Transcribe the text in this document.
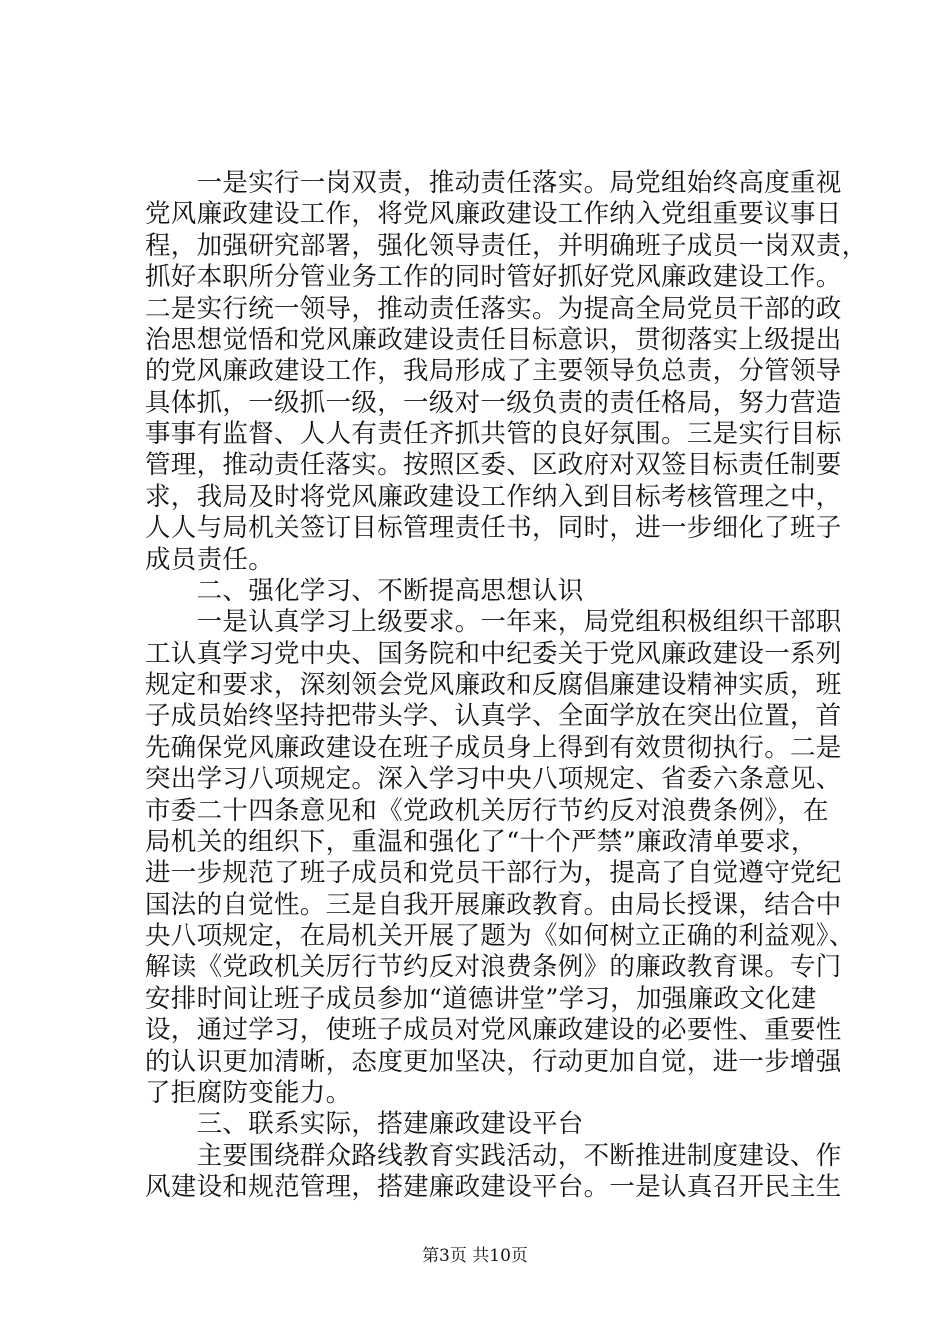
　　一是实行一岗双责，推动责任落实。局党组始终高度重视
党风廉政建设工作，将党风廉政建设工作纳入党组重要议事日
程，加强研究部署，强化领导责任，并明确班子成员一岗双责，
抓好本职所分管业务工作的同时管好抓好党风廉政建设工作。
二是实行统一领导，推动责任落实。为提高全局党员干部的政
治思想觉悟和党风廉政建设责任目标意识，贯彻落实上级提出
的党风廉政建设工作，我局形成了主要领导负总责，分管领导
具体抓，一级抓一级，一级对一级负责的责任格局，努力营造
事事有监督、人人有责任齐抓共管的良好氛围。三是实行目标
管理，推动责任落实。按照区委、区政府对双签目标责任制要
求，我局及时将党风廉政建设工作纳入到目标考核管理之中，
人人与局机关签订目标管理责任书，同时，进一步细化了班子
成员责任。
　　二、强化学习、不断提高思想认识
　　一是认真学习上级要求。一年来，局党组积极组织干部职
工认真学习党中央、国务院和中纪委关于党风廉政建设一系列
规定和要求，深刻领会党风廉政和反腐倡廉建设精神实质，班
子成员始终坚持把带头学、认真学、全面学放在突出位置，首
先确保党风廉政建设在班子成员身上得到有效贯彻执行。二是
突出学习八项规定。深入学习中央八项规定、省委六条意见、
市委二十四条意见和《党政机关厉行节约反对浪费条例》，在
局机关的组织下，重温和强化了“十个严禁”廉政清单要求，
进一步规范了班子成员和党员干部行为，提高了自觉遵守党纪
国法的自觉性。三是自我开展廉政教育。由局长授课，结合中
央八项规定，在局机关开展了题为《如何树立正确的利益观》、
解读《党政机关厉行节约反对浪费条例》的廉政教育课。专门
安排时间让班子成员参加“道德讲堂”学习，加强廉政文化建
设，通过学习，使班子成员对党风廉政建设的必要性、重要性
的认识更加清晰，态度更加坚决，行动更加自觉，进一步增强
了拒腐防变能力。
　　三、联系实际，搭建廉政建设平台
　　主要围绕群众路线教育实践活动，不断推进制度建设、作
风建设和规范管理，搭建廉政建设平台。一是认真召开民主生
第3页 共10页
